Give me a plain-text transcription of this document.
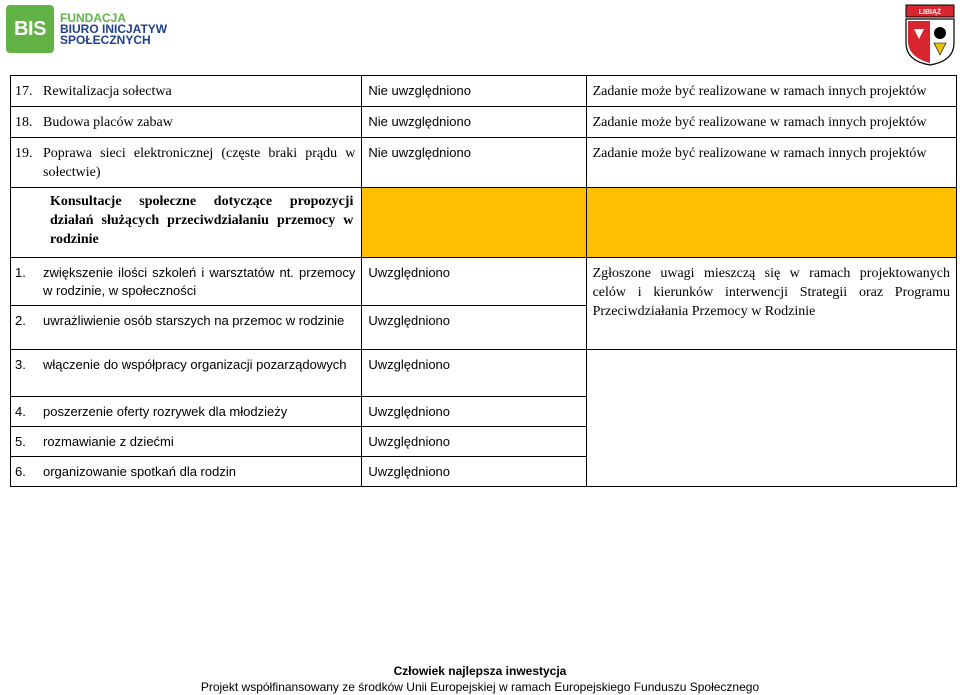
BIS	FUNDACJA
BIURO INICJATYW
SPOŁECZNYCH
LIBIĄŻ
17. Rewitalizacja sołectwa	Nie uwzględniono	Zadanie może być realizowane w ramach innych projektów

18. Budowa placów zabaw	Nie uwzględniono	Zadanie może być realizowane w ramach innych projektów

19. Poprawa sieci elektronicznej (częste braki prądu w sołectwie)	Nie uwzględniono	Zadanie może być realizowane w ramach innych projektów

Konsultacje społeczne dotyczące propozycji działań służących przeciwdziałaniu przemocy w rodzinie		

1. zwiększenie ilości szkoleń i warsztatów nt. przemocy w rodzinie, w społeczności	Uwzględniono	Zgłoszone uwagi mieszczą się w ramach projektowanych celów i kierunków interwencji Strategii oraz Programu Przeciwdziałania Przemocy w Rodzinie

2. uwrażliwienie osób starszych na przemoc w rodzinie	Uwzględniono	

3. włączenie do współpracy organizacji pozarządowych	Uwzględniono	

4. poszerzenie oferty rozrywek dla młodzieży	Uwzględniono	

5. rozmawianie z dziećmi	Uwzględniono	

6. organizowanie spotkań dla rodzin	Uwzględniono	
Człowiek najlepsza inwestycja
Projekt współfinansowany ze środków Unii Europejskiej w ramach Europejskiego Funduszu Społecznego
